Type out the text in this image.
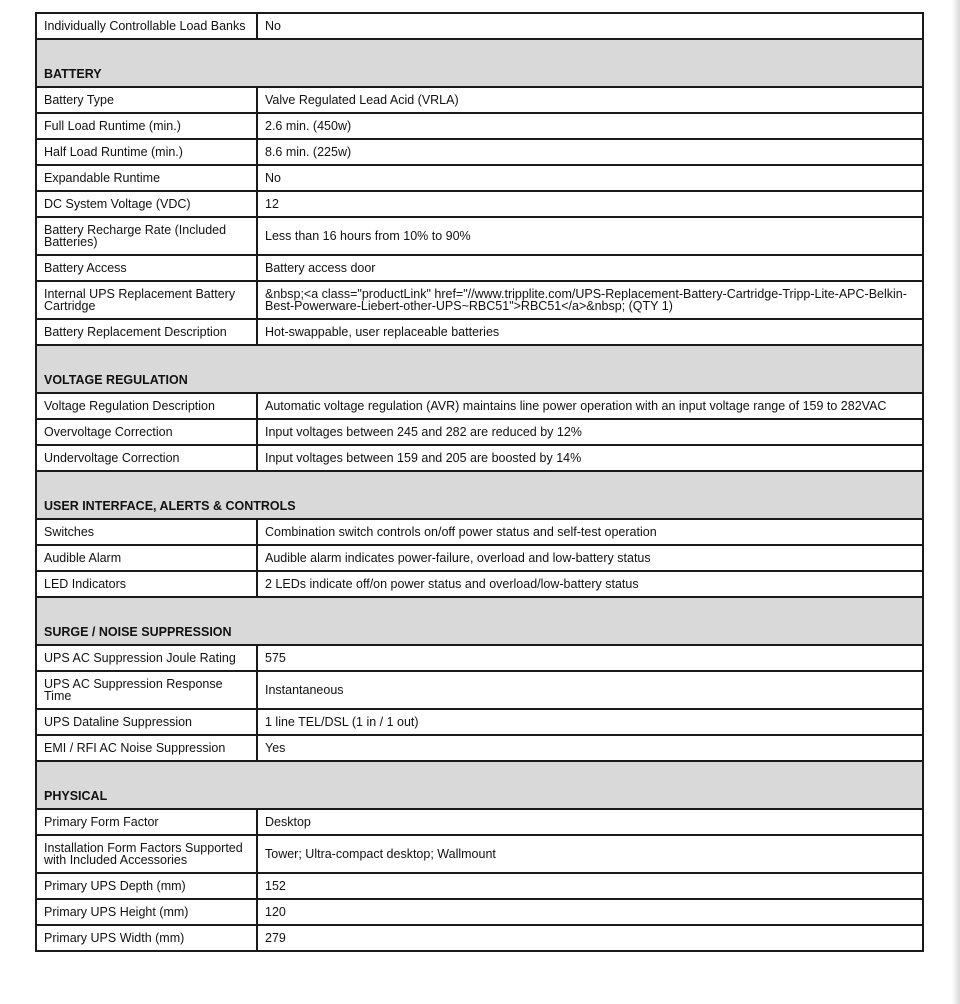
Individually Controllable Load Banks	No
BATTERY	
Battery Type	Valve Regulated Lead Acid (VRLA)
Full Load Runtime (min.)	2.6 min. (450w)
Half Load Runtime (min.)	8.6 min. (225w)
Expandable Runtime	No
DC System Voltage (VDC)	12
Battery Recharge Rate (Included Batteries)	Less than 16 hours from 10% to 90%
Battery Access	Battery access door
Internal UPS Replacement Battery Cartridge	&nbsp;<a class="productLink" href="//www.tripplite.com/UPS-Replacement-Battery-Cartridge-Tripp-Lite-APC-Belkin-Best-Powerware-Liebert-other-UPS~RBC51">RBC51</a>&nbsp; (QTY 1)
Battery Replacement Description	Hot-swappable, user replaceable batteries
VOLTAGE REGULATION	
Voltage Regulation Description	Automatic voltage regulation (AVR) maintains line power operation with an input voltage range of 159 to 282VAC
Overvoltage Correction	Input voltages between 245 and 282 are reduced by 12%
Undervoltage Correction	Input voltages between 159 and 205 are boosted by 14%
USER INTERFACE, ALERTS & CONTROLS	
Switches	Combination switch controls on/off power status and self-test operation
Audible Alarm	Audible alarm indicates power-failure, overload and low-battery status
LED Indicators	2 LEDs indicate off/on power status and overload/low-battery status
SURGE / NOISE SUPPRESSION	
UPS AC Suppression Joule Rating	575
UPS AC Suppression Response Time	Instantaneous
UPS Dataline Suppression	1 line TEL/DSL (1 in / 1 out)
EMI / RFI AC Noise Suppression	Yes
PHYSICAL	
Primary Form Factor	Desktop
Installation Form Factors Supported with Included Accessories	Tower; Ultra-compact desktop; Wallmount
Primary UPS Depth (mm)	152
Primary UPS Height (mm)	120
Primary UPS Width (mm)	279
